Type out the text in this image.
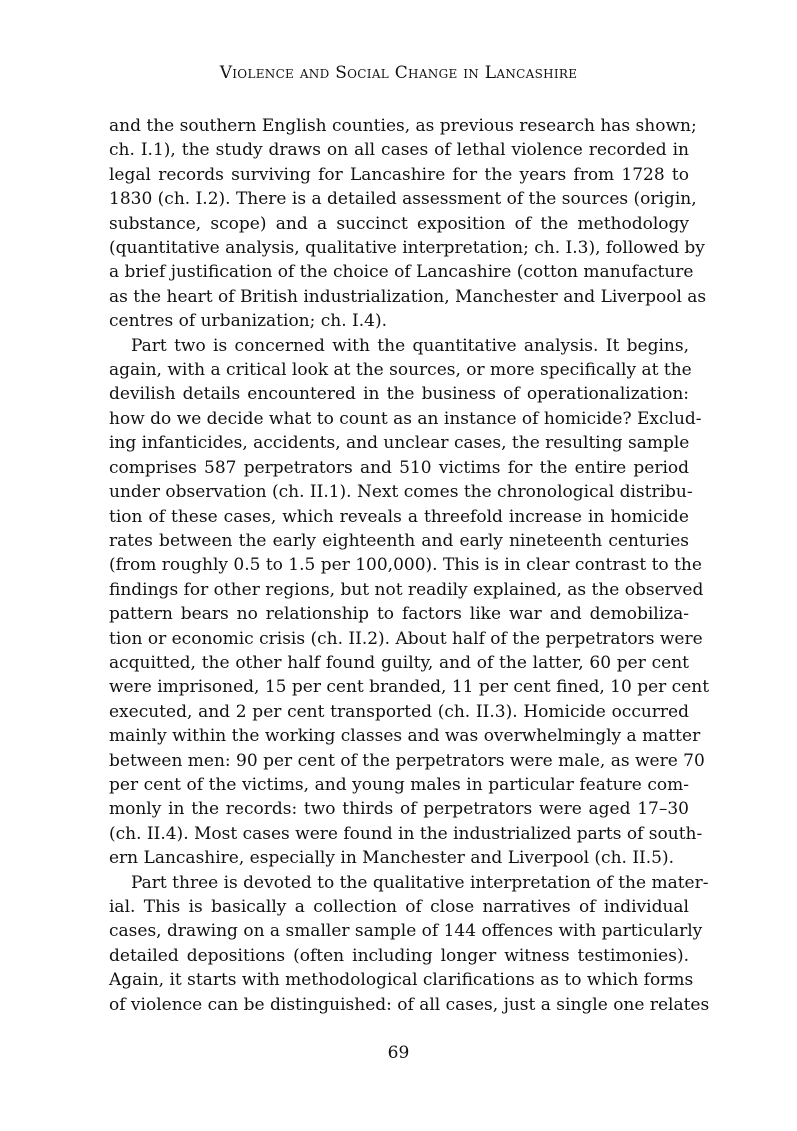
Violence and Social Change in Lancashire

and the southern English counties, as previous research has shown;
ch. I.1), the study draws on all cases of lethal violence recorded in
legal records surviving for Lancashire for the years from 1728 to
1830 (ch. I.2). There is a detailed assessment of the sources (origin,
substance, scope) and a succinct exposition of the methodology
(quantitative analysis, qualitative interpretation; ch. I.3), followed by
a brief justification of the choice of Lancashire (cotton manufacture
as the heart of British industrialization, Manchester and Liverpool as
centres of urbanization; ch. I.4).

Part two is concerned with the quantitative analysis. It begins,
again, with a critical look at the sources, or more specifically at the
devilish details encountered in the business of operationalization:
how do we decide what to count as an instance of homicide? Exclud-
ing infanticides, accidents, and unclear cases, the resulting sample
comprises 587 perpetrators and 510 victims for the entire period
under observation (ch. II.1). Next comes the chronological distribu-
tion of these cases, which reveals a threefold increase in homicide
rates between the early eighteenth and early nineteenth centuries
(from roughly 0.5 to 1.5 per 100,000). This is in clear contrast to the
findings for other regions, but not readily explained, as the observed
pattern bears no relationship to factors like war and demobiliza-
tion or economic crisis (ch. II.2). About half of the perpetrators were
acquitted, the other half found guilty, and of the latter, 60 per cent
were imprisoned, 15 per cent branded, 11 per cent fined, 10 per cent
executed, and 2 per cent transported (ch. II.3). Homicide occurred
mainly within the working classes and was overwhelmingly a matter
between men: 90 per cent of the perpetrators were male, as were 70
per cent of the victims, and young males in particular feature com-
monly in the records: two thirds of perpetrators were aged 17–30
(ch. II.4). Most cases were found in the industrialized parts of south-
ern Lancashire, especially in Manchester and Liverpool (ch. II.5).

Part three is devoted to the qualitative interpretation of the mater-
ial. This is basically a collection of close narratives of individual
cases, drawing on a smaller sample of 144 offences with particularly
detailed depositions (often including longer witness testimonies).
Again, it starts with methodological clarifications as to which forms
of violence can be distinguished: of all cases, just a single one relates

69
